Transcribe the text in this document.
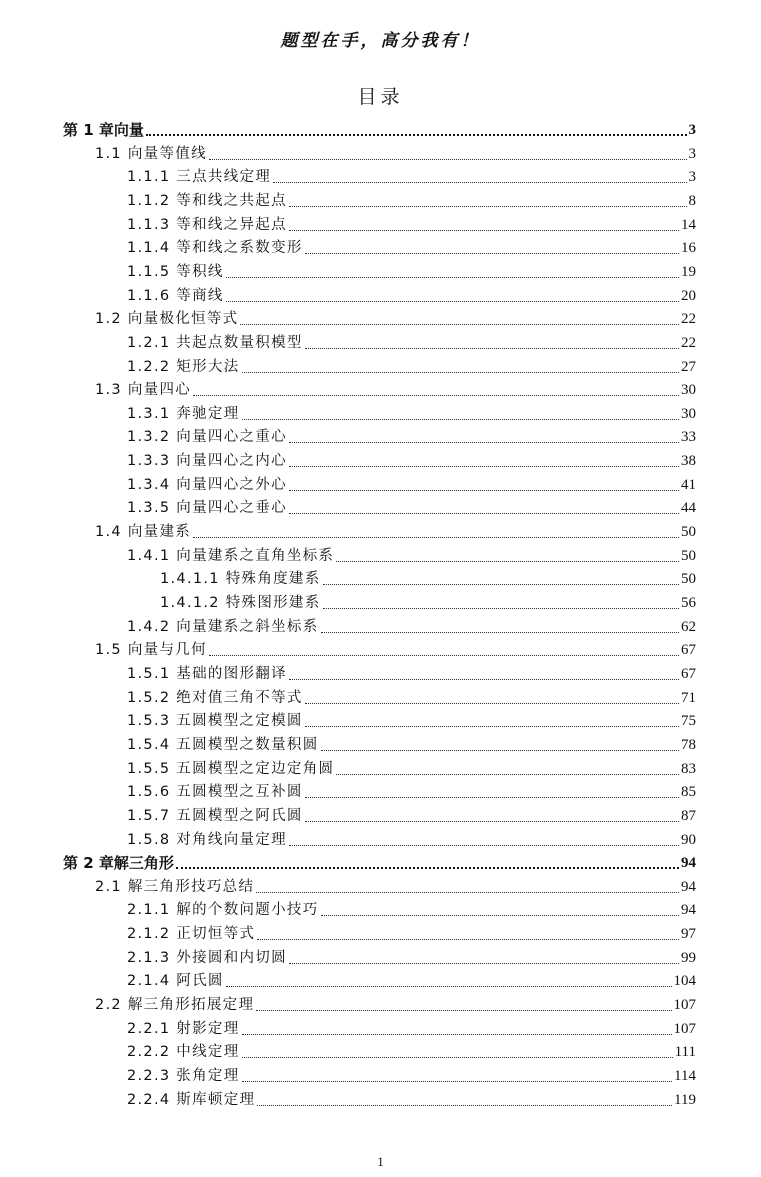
题型在手，高分我有！
目录
第 1 章向量	3
1.1 向量等值线	3
1.1.1 三点共线定理	3
1.1.2 等和线之共起点	8
1.1.3 等和线之异起点	14
1.1.4 等和线之系数变形	16
1.1.5 等积线	19
1.1.6 等商线	20
1.2 向量极化恒等式	22
1.2.1 共起点数量积模型	22
1.2.2 矩形大法	27
1.3 向量四心	30
1.3.1 奔驰定理	30
1.3.2 向量四心之重心	33
1.3.3 向量四心之内心	38
1.3.4 向量四心之外心	41
1.3.5 向量四心之垂心	44
1.4 向量建系	50
1.4.1 向量建系之直角坐标系	50
1.4.1.1 特殊角度建系	50
1.4.1.2 特殊图形建系	56
1.4.2 向量建系之斜坐标系	62
1.5 向量与几何	67
1.5.1 基础的图形翻译	67
1.5.2 绝对值三角不等式	71
1.5.3 五圆模型之定模圆	75
1.5.4 五圆模型之数量积圆	78
1.5.5 五圆模型之定边定角圆	83
1.5.6 五圆模型之互补圆	85
1.5.7 五圆模型之阿氏圆	87
1.5.8 对角线向量定理	90
第 2 章解三角形	94
2.1 解三角形技巧总结	94
2.1.1 解的个数问题小技巧	94
2.1.2 正切恒等式	97
2.1.3 外接圆和内切圆	99
2.1.4 阿氏圆	104
2.2 解三角形拓展定理	107
2.2.1 射影定理	107
2.2.2 中线定理	111
2.2.3 张角定理	114
2.2.4 斯库顿定理	119
1
